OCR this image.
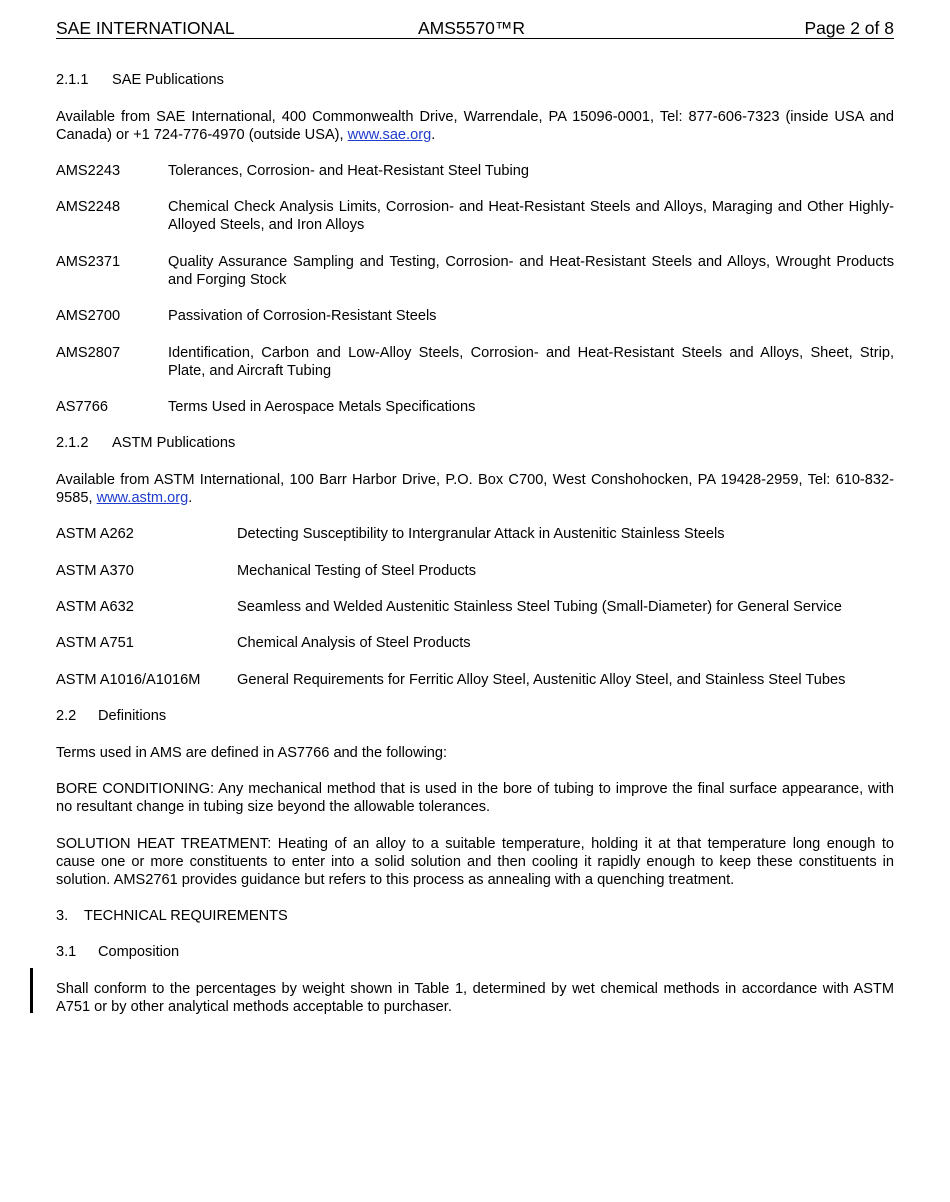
SAE INTERNATIONAL	AMS5570™R	Page 2 of 8
2.1.1 SAE Publications
Available from SAE International, 400 Commonwealth Drive, Warrendale, PA 15096-0001, Tel: 877-606-7323 (inside USA and Canada) or +1 724-776-4970 (outside USA), www.sae.org.
AMS2243	Tolerances, Corrosion- and Heat-Resistant Steel Tubing
AMS2248	Chemical Check Analysis Limits, Corrosion- and Heat-Resistant Steels and Alloys, Maraging and Other Highly-Alloyed Steels, and Iron Alloys
AMS2371	Quality Assurance Sampling and Testing, Corrosion- and Heat-Resistant Steels and Alloys, Wrought Products and Forging Stock
AMS2700	Passivation of Corrosion-Resistant Steels
AMS2807	Identification, Carbon and Low-Alloy Steels, Corrosion- and Heat-Resistant Steels and Alloys, Sheet, Strip, Plate, and Aircraft Tubing
AS7766	Terms Used in Aerospace Metals Specifications
2.1.2 ASTM Publications
Available from ASTM International, 100 Barr Harbor Drive, P.O. Box C700, West Conshohocken, PA 19428-2959, Tel: 610-832-9585, www.astm.org.
ASTM A262	Detecting Susceptibility to Intergranular Attack in Austenitic Stainless Steels
ASTM A370	Mechanical Testing of Steel Products
ASTM A632	Seamless and Welded Austenitic Stainless Steel Tubing (Small-Diameter) for General Service
ASTM A751	Chemical Analysis of Steel Products
ASTM A1016/A1016M	General Requirements for Ferritic Alloy Steel, Austenitic Alloy Steel, and Stainless Steel Tubes
2.2 Definitions
Terms used in AMS are defined in AS7766 and the following:
BORE CONDITIONING: Any mechanical method that is used in the bore of tubing to improve the final surface appearance, with no resultant change in tubing size beyond the allowable tolerances.
SOLUTION HEAT TREATMENT: Heating of an alloy to a suitable temperature, holding it at that temperature long enough to cause one or more constituents to enter into a solid solution and then cooling it rapidly enough to keep these constituents in solution. AMS2761 provides guidance but refers to this process as annealing with a quenching treatment.
3. TECHNICAL REQUIREMENTS
3.1 Composition
Shall conform to the percentages by weight shown in Table 1, determined by wet chemical methods in accordance with ASTM A751 or by other analytical methods acceptable to purchaser.
